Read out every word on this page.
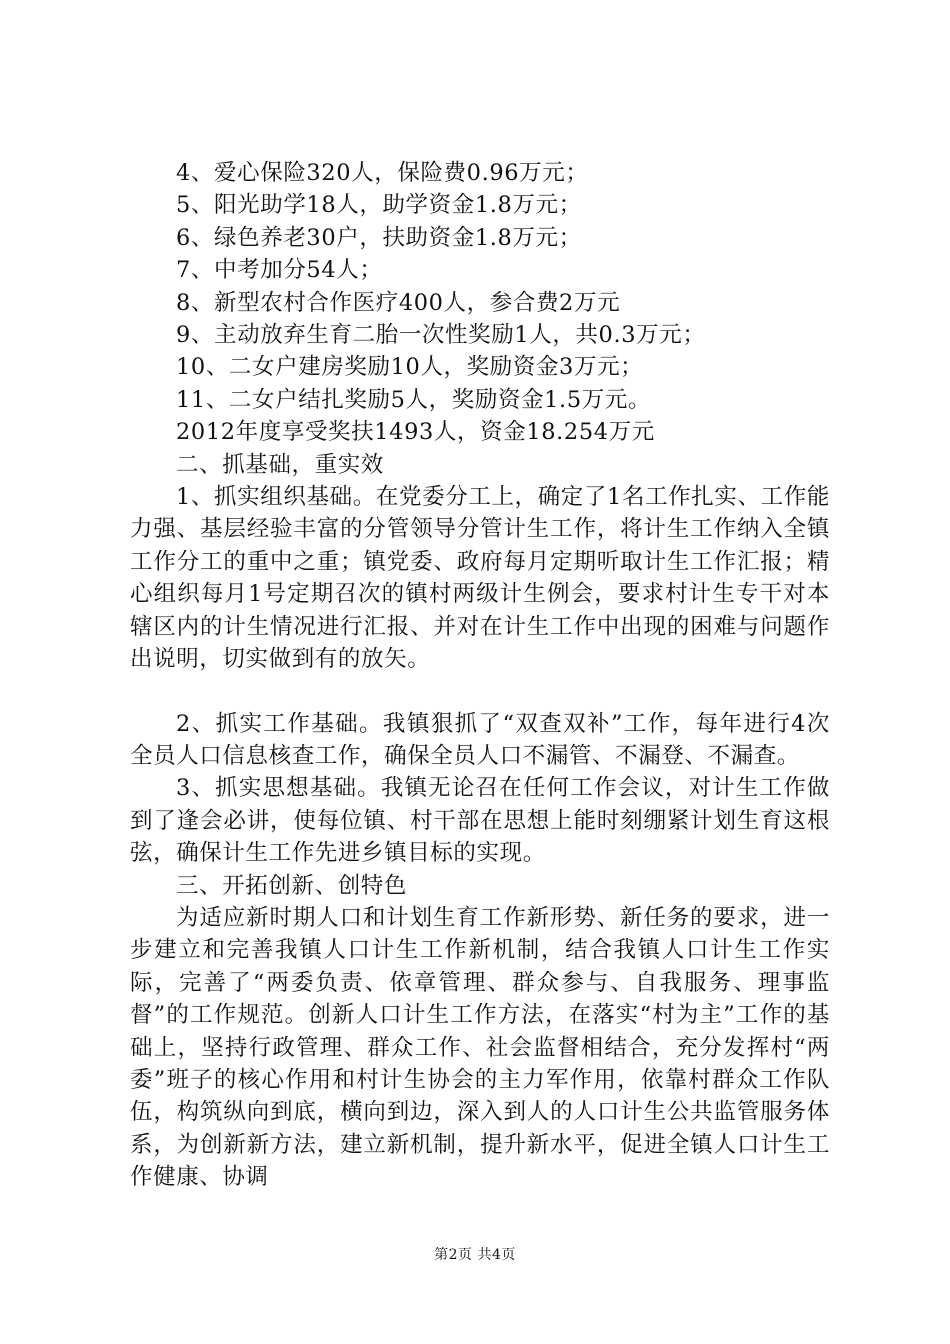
4、爱心保险320人，保险费0.96万元；

5、阳光助学18人，助学资金1.8万元；

6、绿色养老30户，扶助资金1.8万元；

7、中考加分54人；

8、新型农村合作医疗400人，参合费2万元

9、主动放弃生育二胎一次性奖励1人，共0.3万元；

10、二女户建房奖励10人，奖励资金3万元；

11、二女户结扎奖励5人，奖励资金1.5万元。

2012年度享受奖扶1493人，资金18.254万元

二、抓基础，重实效

1、抓实组织基础。在党委分工上，确定了1名工作扎实、工作能力强、基层经验丰富的分管领导分管计生工作，将计生工作纳入全镇工作分工的重中之重；镇党委、政府每月定期听取计生工作汇报；精心组织每月1号定期召次的镇村两级计生例会，要求村计生专干对本辖区内的计生情况进行汇报、并对在计生工作中出现的困难与问题作出说明，切实做到有的放矢。

2、抓实工作基础。我镇狠抓了“双查双补”工作，每年进行4次全员人口信息核查工作，确保全员人口不漏管、不漏登、不漏查。

3、抓实思想基础。我镇无论召在任何工作会议，对计生工作做到了逢会必讲，使每位镇、村干部在思想上能时刻绷紧计划生育这根弦，确保计生工作先进乡镇目标的实现。

三、开拓创新、创特色

为适应新时期人口和计划生育工作新形势、新任务的要求，进一步建立和完善我镇人口计生工作新机制，结合我镇人口计生工作实际，完善了“两委负责、依章管理、群众参与、自我服务、理事监督”的工作规范。创新人口计生工作方法，在落实“村为主”工作的基础上，坚持行政管理、群众工作、社会监督相结合，充分发挥村“两委”班子的核心作用和村计生协会的主力军作用，依靠村群众工作队伍，构筑纵向到底，横向到边，深入到人的人口计生公共监管服务体系，为创新新方法，建立新机制，提升新水平，促进全镇人口计生工作健康、协调

第2页 共4页
